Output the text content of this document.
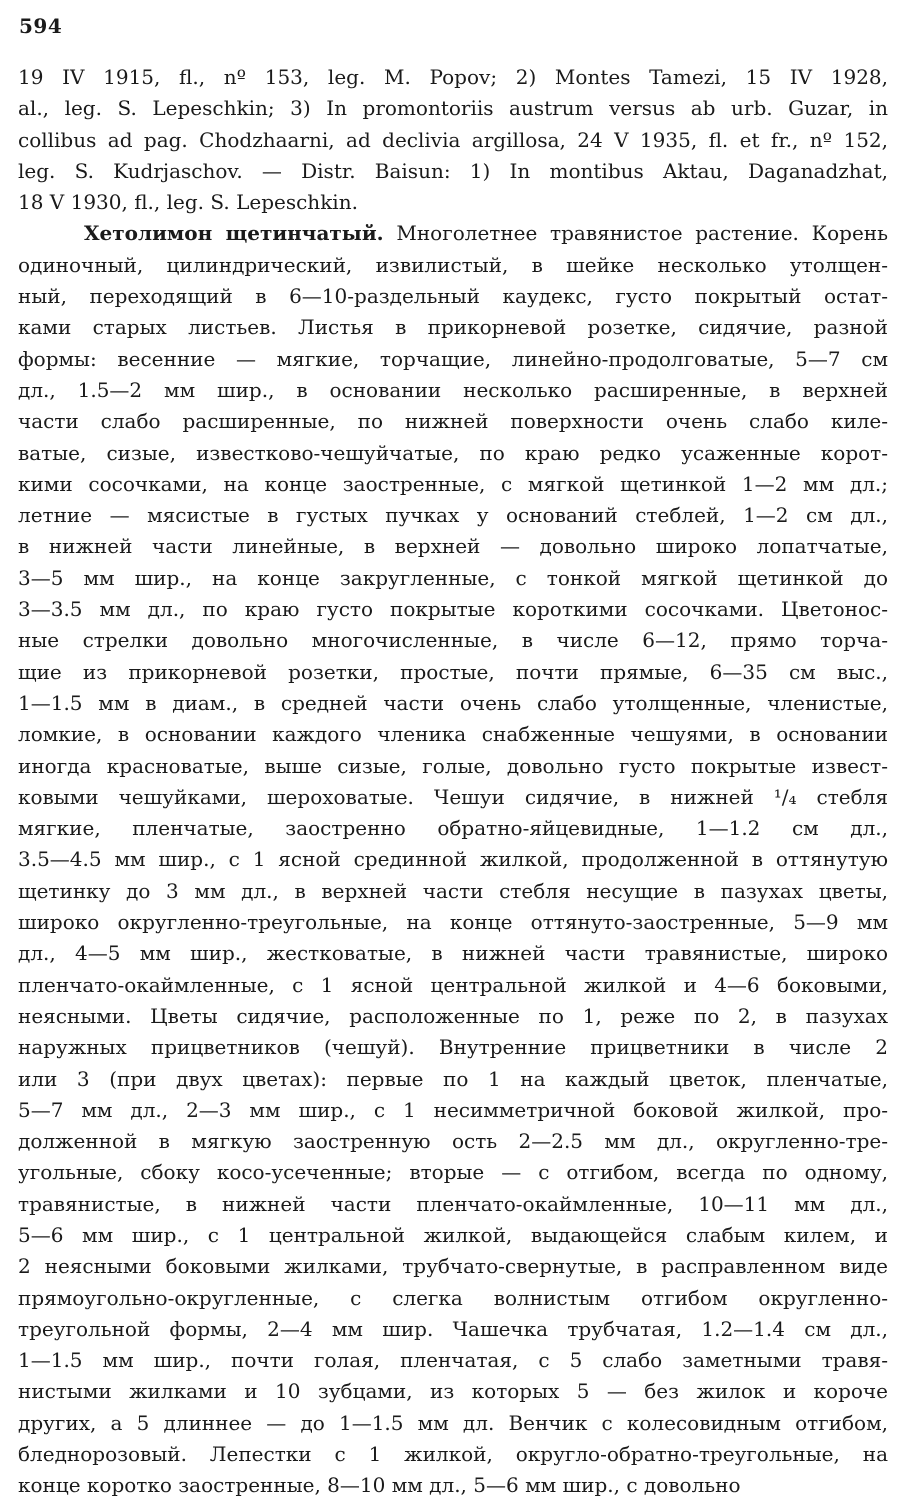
594
19 IV 1915, fl., nº 153, leg. M. Popov; 2) Montes Tamezi, 15 IV 1928,
al., leg. S. Lepeschkin; 3) In promontoriis austrum versus ab urb. Guzar, in
collibus ad pag. Chodzhaarni, ad declivia argillosa, 24 V 1935, fl. et fr., nº 152,
leg. S. Kudrjaschov. — Distr. Baisun: 1) In montibus Aktau, Daganadzhat,
18 V 1930, fl., leg. S. Lepeschkin.
Хетолимон щетинчатый. Многолетнее травянистое растение. Корень
одиночный, цилиндрический, извилистый, в шейке несколько утолщен-
ный, переходящий в 6—10-раздельный каудекс, густо покрытый остат-
ками старых листьев. Листья в прикорневой розетке, сидячие, разной
формы: весенние — мягкие, торчащие, линейно-продолговатые, 5—7 см
дл., 1.5—2 мм шир., в основании несколько расширенные, в верхней
части слабо расширенные, по нижней поверхности очень слабо киле-
ватые, сизые, известково-чешуйчатые, по краю редко усаженные корот-
кими сосочками, на конце заостренные, с мягкой щетинкой 1—2 мм дл.;
летние — мясистые в густых пучках у оснований стеблей, 1—2 см дл.,
в нижней части линейные, в верхней — довольно широко лопатчатые,
3—5 мм шир., на конце закругленные, с тонкой мягкой щетинкой до
3—3.5 мм дл., по краю густо покрытые короткими сосочками. Цветонос-
ные стрелки довольно многочисленные, в числе 6—12, прямо торча-
щие из прикорневой розетки, простые, почти прямые, 6—35 см выс.,
1—1.5 мм в диам., в средней части очень слабо утолщенные, членистые,
ломкие, в основании каждого членика снабженные чешуями, в основании
иногда красноватые, выше сизые, голые, довольно густо покрытые извест-
ковыми чешуйками, шероховатые. Чешуи сидячие, в нижней ¹/₄ стебля
мягкие, пленчатые, заостренно обратно-яйцевидные, 1—1.2 см дл.,
3.5—4.5 мм шир., с 1 ясной срединной жилкой, продолженной в оттянутую
щетинку до 3 мм дл., в верхней части стебля несущие в пазухах цветы,
широко округленно-треугольные, на конце оттянуто-заостренные, 5—9 мм
дл., 4—5 мм шир., жестковатые, в нижней части травянистые, широко
пленчато-окаймленные, с 1 ясной центральной жилкой и 4—6 боковыми,
неясными. Цветы сидячие, расположенные по 1, реже по 2, в пазухах
наружных прицветников (чешуй). Внутренние прицветники в числе 2
или 3 (при двух цветах): первые по 1 на каждый цветок, пленчатые,
5—7 мм дл., 2—3 мм шир., с 1 несимметричной боковой жилкой, про-
долженной в мягкую заостренную ость 2—2.5 мм дл., округленно-тре-
угольные, сбоку косо-усеченные; вторые — с отгибом, всегда по одному,
травянистые, в нижней части пленчато-окаймленные, 10—11 мм дл.,
5—6 мм шир., с 1 центральной жилкой, выдающейся слабым килем, и
2 неясными боковыми жилками, трубчато-свернутые, в расправленном виде
прямоугольно-округленные, с слегка волнистым отгибом округленно-
треугольной формы, 2—4 мм шир. Чашечка трубчатая, 1.2—1.4 см дл.,
1—1.5 мм шир., почти голая, пленчатая, с 5 слабо заметными травя-
нистыми жилками и 10 зубцами, из которых 5 — без жилок и короче
других, а 5 длиннее — до 1—1.5 мм дл. Венчик с колесовидным отгибом,
бледнорозовый. Лепестки с 1 жилкой, округло-обратно-треугольные, на
конце коротко заостренные, 8—10 мм дл., 5—6 мм шир., с довольно
